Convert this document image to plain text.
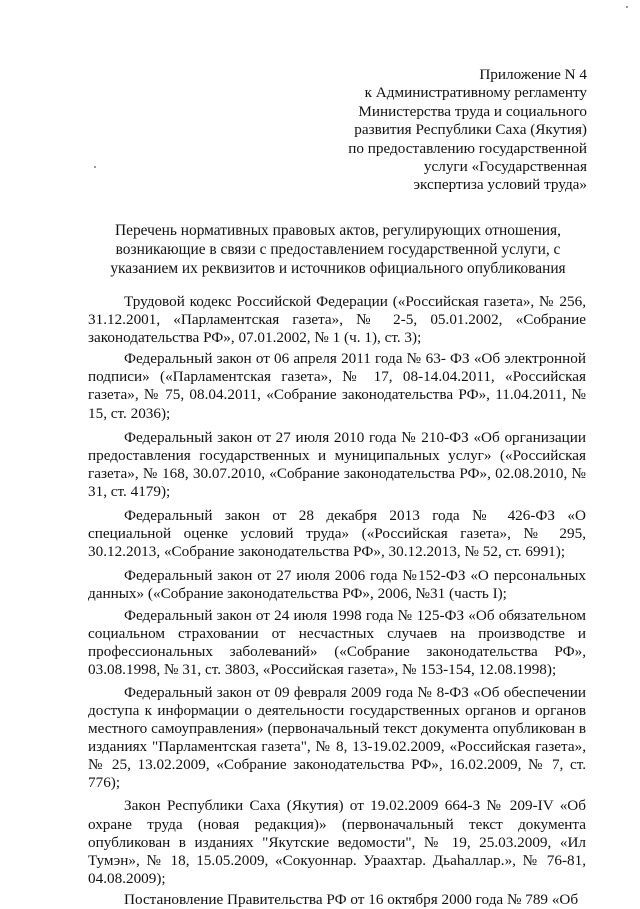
Приложение N 4
к Административному регламенту
Министерства труда и социального
развития Республики Саха (Якутия)
по предоставлению государственной
услуги «Государственная
экспертиза условий труда»
Перечень нормативных правовых актов, регулирующих отношения,
возникающие в связи с предоставлением государственной услуги, с
указанием их реквизитов и источников официального опубликования

Трудовой кодекс Российской Федерации («Российская газета», № 256, 31.12.2001, «Парламентская газета», № 2-5, 05.01.2002, «Собрание законодательства РФ», 07.01.2002, № 1 (ч. 1), ст. 3);

Федеральный закон от 06 апреля 2011 года № 63- ФЗ «Об электронной подписи» («Парламентская газета», № 17, 08-14.04.2011, «Российская газета», № 75, 08.04.2011, «Собрание законодательства РФ», 11.04.2011, № 15, ст. 2036);

Федеральный закон от 27 июля 2010 года № 210-ФЗ «Об организации предоставления государственных и муниципальных услуг» («Российская газета», № 168, 30.07.2010, «Собрание законодательства РФ», 02.08.2010, № 31, ст. 4179);

Федеральный закон от 28 декабря 2013 года № 426-ФЗ «О специальной оценке условий труда» («Российская газета», № 295, 30.12.2013, «Собрание законодательства РФ», 30.12.2013, № 52, ст. 6991);

Федеральный закон от 27 июля 2006 года №152-ФЗ «О персональных данных» («Собрание законодательства РФ», 2006, №31 (часть I);

Федеральный закон от 24 июля 1998 года № 125-ФЗ «Об обязательном социальном страховании от несчастных случаев на производстве и профессиональных заболеваний» («Собрание законодательства РФ», 03.08.1998, № 31, ст. 3803, «Российская газета», № 153-154, 12.08.1998);

Федеральный закон от 09 февраля 2009 года № 8-ФЗ «Об обеспечении доступа к информации о деятельности государственных органов и органов местного самоуправления» (первоначальный текст документа опубликован в изданиях "Парламентская газета", № 8, 13-19.02.2009, «Российская газета», № 25, 13.02.2009, «Собрание законодательства РФ», 16.02.2009, № 7, ст. 776);

Закон Республики Саха (Якутия) от 19.02.2009 664-З № 209-IV «Об охране труда (новая редакция)» (первоначальный текст документа опубликован в изданиях "Якутские ведомости", № 19, 25.03.2009, «Ил Тумэн», № 18, 15.05.2009, «Сокуоннар. Ураахтар. Дьаһаллар.», № 76-81, 04.08.2009);

Постановление Правительства РФ от 16 октября 2000 года № 789 «Об
